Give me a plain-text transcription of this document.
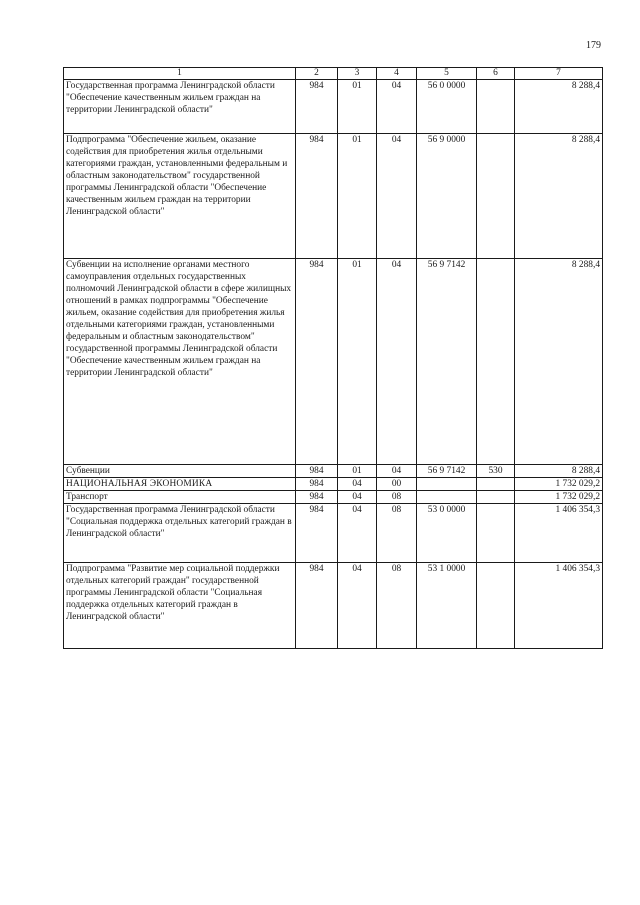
179
1	2	3	4	5	6	7
Государственная программа Ленинградской области "Обеспечение качественным жильем граждан на территории Ленинградской области"	984	01	04	56 0 0000		8 288,4
Подпрограмма "Обеспечение жильем, оказание содействия для приобретения жилья отдельными категориями граждан, установленными федеральным и областным законодательством" государственной программы Ленинградской области "Обеспечение качественным жильем граждан на территории Ленинградской области"	984	01	04	56 9 0000		8 288,4
Субвенции на исполнение органами местного самоуправления отдельных государственных полномочий Ленинградской области в сфере жилищных отношений в рамках подпрограммы "Обеспечение жильем, оказание содействия для приобретения жилья отдельными категориями граждан, установленными федеральным и областным законодательством" государственной программы Ленинградской области "Обеспечение качественным жильем граждан на территории Ленинградской области"	984	01	04	56 9 7142		8 288,4
Субвенции	984	01	04	56 9 7142	530	8 288,4
НАЦИОНАЛЬНАЯ ЭКОНОМИКА	984	04	00			1 732 029,2
Транспорт	984	04	08			1 732 029,2
Государственная программа Ленинградской области "Социальная поддержка отдельных категорий граждан в Ленинградской области"	984	04	08	53 0 0000		1 406 354,3
Подпрограмма "Развитие мер социальной поддержки отдельных категорий граждан" государственной программы Ленинградской области "Социальная поддержка отдельных категорий граждан в Ленинградской области"	984	04	08	53 1 0000		1 406 354,3
